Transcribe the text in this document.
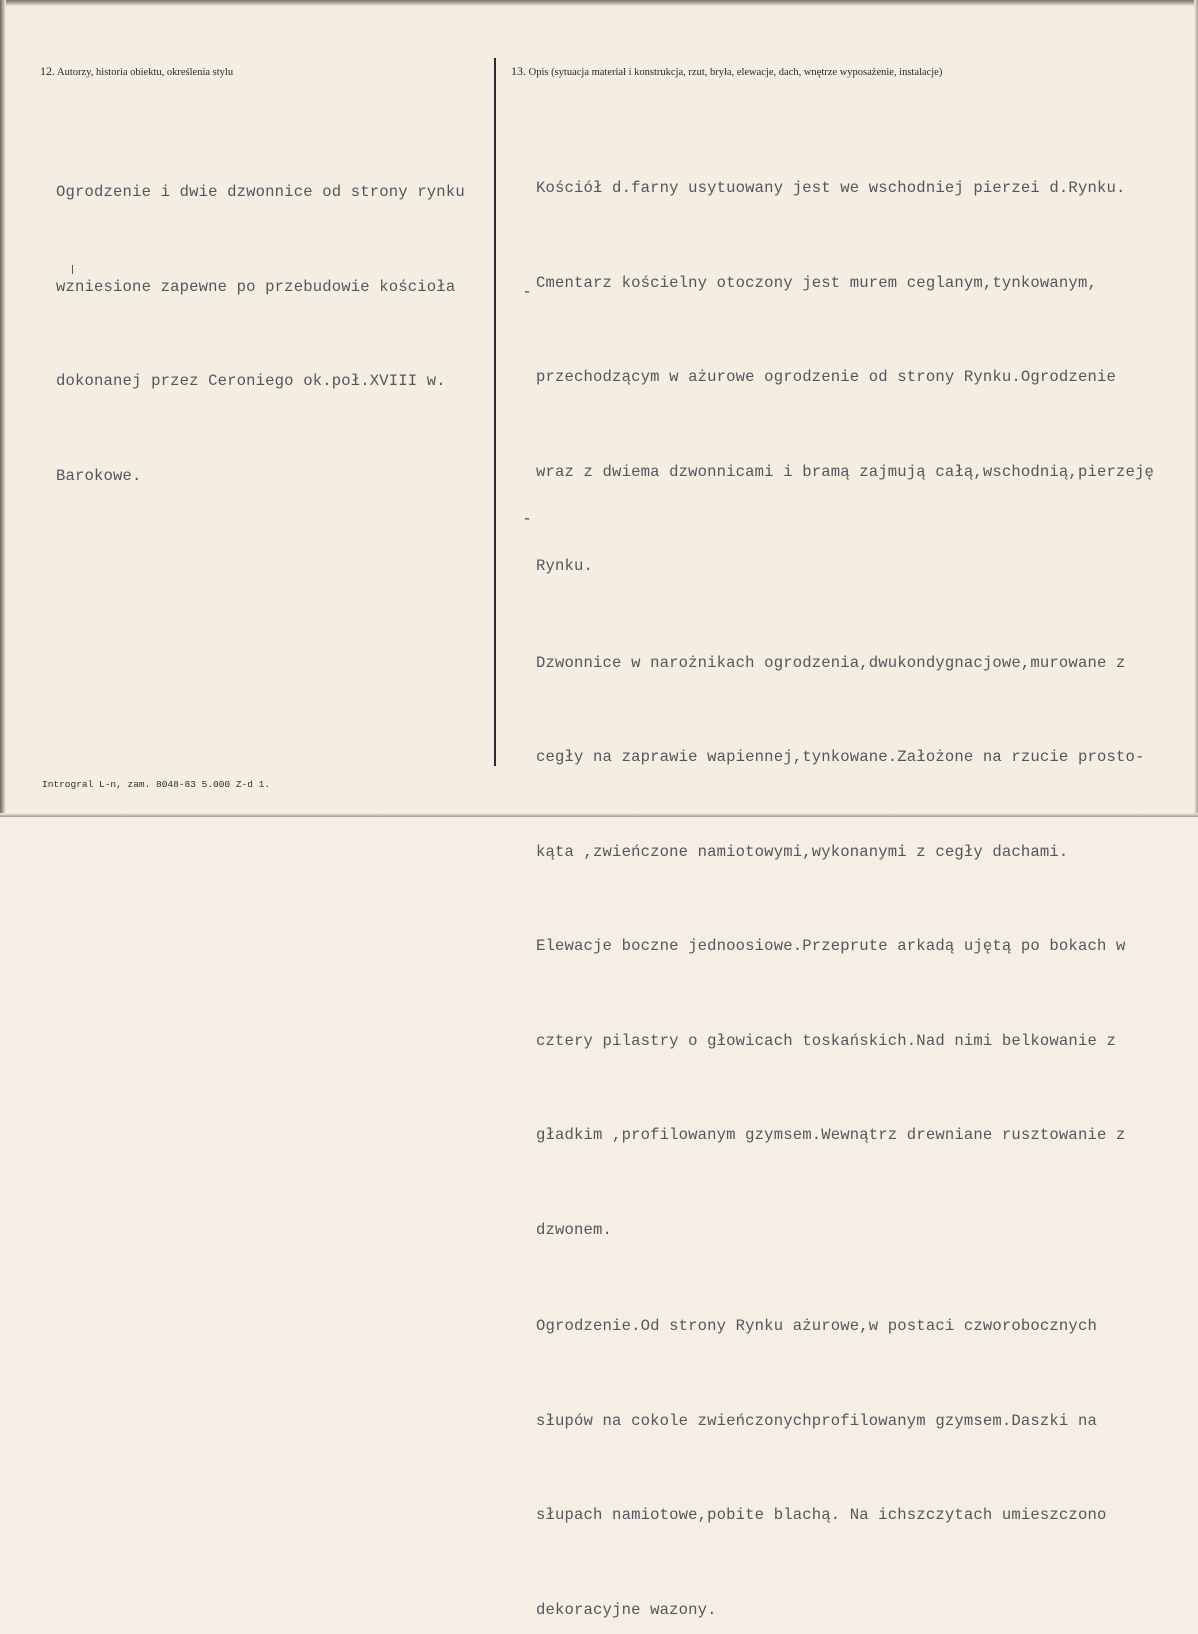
12. Autorzy, historia obiektu, określenia stylu	13. Opis (sytuacja materiał i konstrukcja, rzut, bryła, elewacje, dach, wnętrze wyposażenie, instalacje)

Ogrodzenie i dwie dzwonnice od strony rynku

wzniesione zapewne po przebudowie kościoła

dokonanej przez Ceroniego ok.poł.XVIII w.

Barokowe.

Kościół d.farny usytuowany jest we wschodniej pierzei d.Rynku.

Cmentarz kościelny otoczony jest murem ceglanym,tynkowanym,

przechodzącym w ażurowe ogrodzenie od strony Rynku.Ogrodzenie

wraz z dwiema dzwonnicami i bramą zajmują całą,wschodnią,pierzeję

Rynku.

Dzwonnice w narożnikach ogrodzenia,dwukondygnacjowe,murowane z

cegły na zaprawie wapiennej,tynkowane.Założone na rzucie prosto-

kąta ,zwieńczone namiotowymi,wykonanymi z cegły dachami.

Elewacje boczne jednoosiowe.Przeprute arkadą ujętą po bokach w

cztery pilastry o głowicach toskańskich.Nad nimi belkowanie z

gładkim ,profilowanym gzymsem.Wewnątrz drewniane rusztowanie z

dzwonem.

Ogrodzenie.Od strony Rynku ażurowe,w postaci czworobocznych

słupów na cokole zwieńczonychprofilowanym gzymsem.Daszki na

słupach namiotowe,pobite blachą. Na ichszczytach umieszczono

dekoracyjne wazony.

-
-
Introgral L-n, zam. 8048-83 5.000 Z-d 1.
